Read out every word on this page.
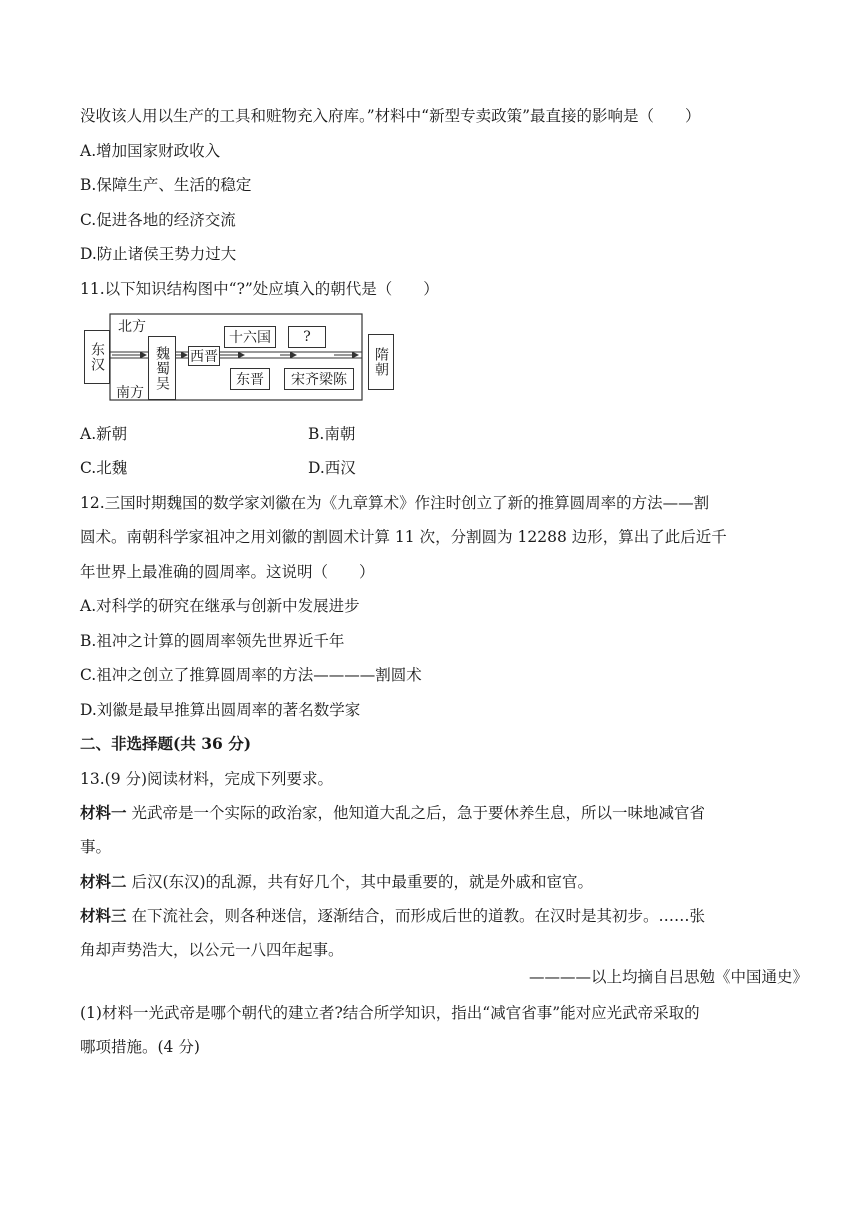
没收该人用以生产的工具和赃物充入府库。”材料中“新型专卖政策”最直接的影响是（　　）
A.增加国家财政收入
B.保障生产、生活的稳定
C.促进各地的经济交流
D.防止诸侯王势力过大
11.以下知识结构图中“?”处应填入的朝代是（　　）
东汉
北方
南方
魏蜀吴	西晋
十六国	?
东晋	宋齐梁陈
隋朝
A.新朝	B.南朝
C.北魏	D.西汉
12.三国时期魏国的数学家刘徽在为《九章算术》作注时创立了新的推算圆周率的方法——割
圆术。南朝科学家祖冲之用刘徽的割圆术计算 11 次，分割圆为 12288 边形，算出了此后近千
年世界上最准确的圆周率。这说明（　　）
A.对科学的研究在继承与创新中发展进步
B.祖冲之计算的圆周率领先世界近千年
C.祖冲之创立了推算圆周率的方法————割圆术
D.刘徽是最早推算出圆周率的著名数学家
二、非选择题(共 36 分)
13.(9 分)阅读材料，完成下列要求。
材料一 光武帝是一个实际的政治家，他知道大乱之后，急于要休养生息，所以一味地减官省
事。
材料二 后汉(东汉)的乱源，共有好几个，其中最重要的，就是外戚和宦官。
材料三 在下流社会，则各种迷信，逐渐结合，而形成后世的道教。在汉时是其初步。……张
角却声势浩大，以公元一八四年起事。
————以上均摘自吕思勉《中国通史》
(1)材料一光武帝是哪个朝代的建立者?结合所学知识，指出“减官省事”能对应光武帝采取的
哪项措施。(4 分)
